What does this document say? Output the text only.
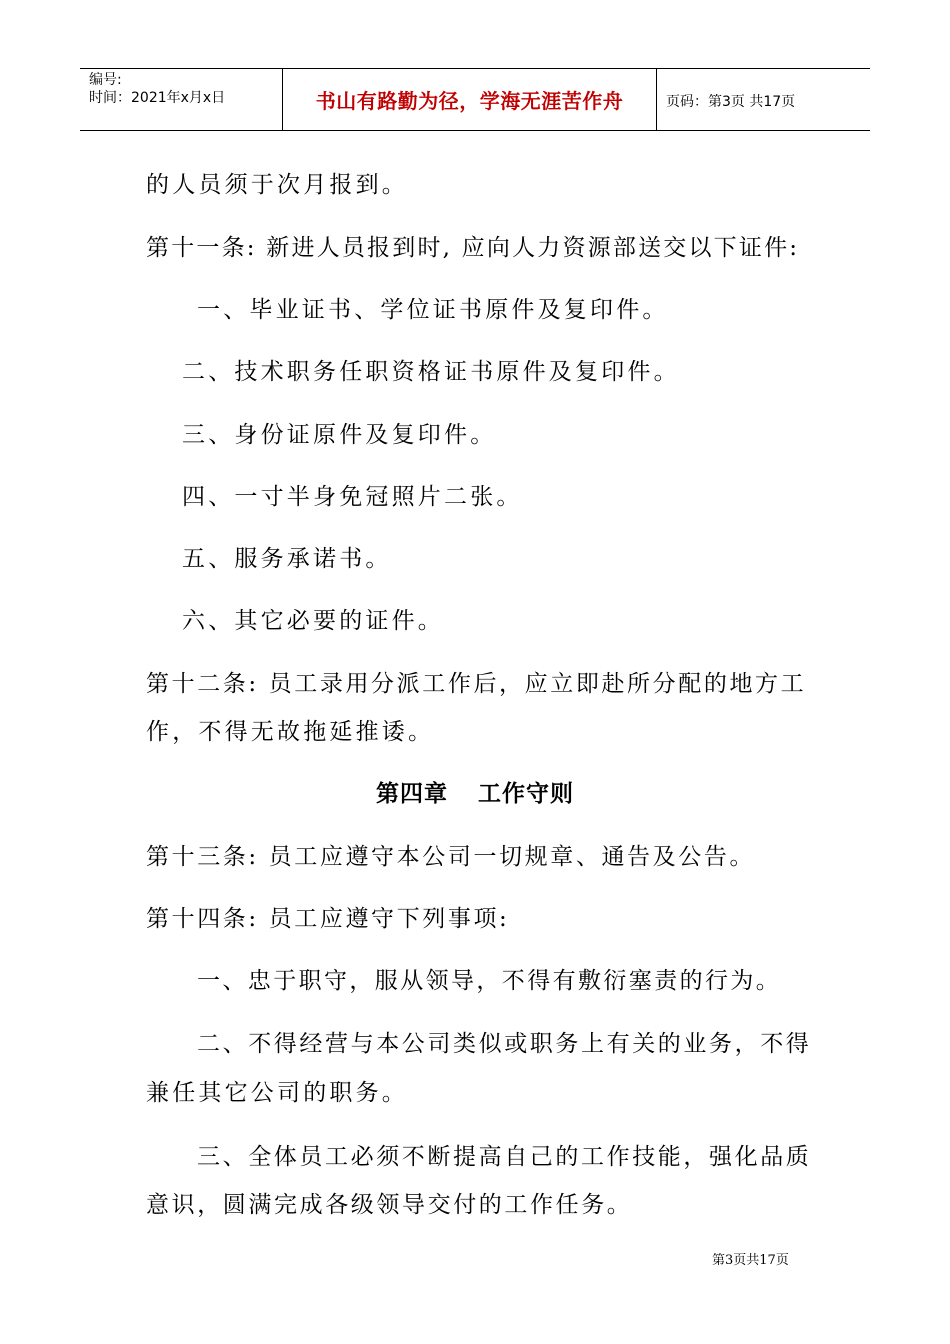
编号:
时间：2021年x月x日	书山有路勤为径，学海无涯苦作舟	页码：第3页 共17页
的人员须于次月报到。
第十一条: 新进人员报到时, 应向人力资源部送交以下证件:
一、毕业证书、学位证书原件及复印件。
二、技术职务任职资格证书原件及复印件。
三、身份证原件及复印件。
四、一寸半身免冠照片二张。
五、服务承诺书。
六、其它必要的证件。
第十二条: 员工录用分派工作后，应立即赴所分配的地方工
作，不得无故拖延推诿。
第四章 工作守则
第十三条: 员工应遵守本公司一切规章、通告及公告。
第十四条: 员工应遵守下列事项:
一、忠于职守，服从领导，不得有敷衍塞责的行为。
二、不得经营与本公司类似或职务上有关的业务，不得
兼任其它公司的职务。
三、全体员工必须不断提高自己的工作技能，强化品质
意识，圆满完成各级领导交付的工作任务。
第3页共17页
